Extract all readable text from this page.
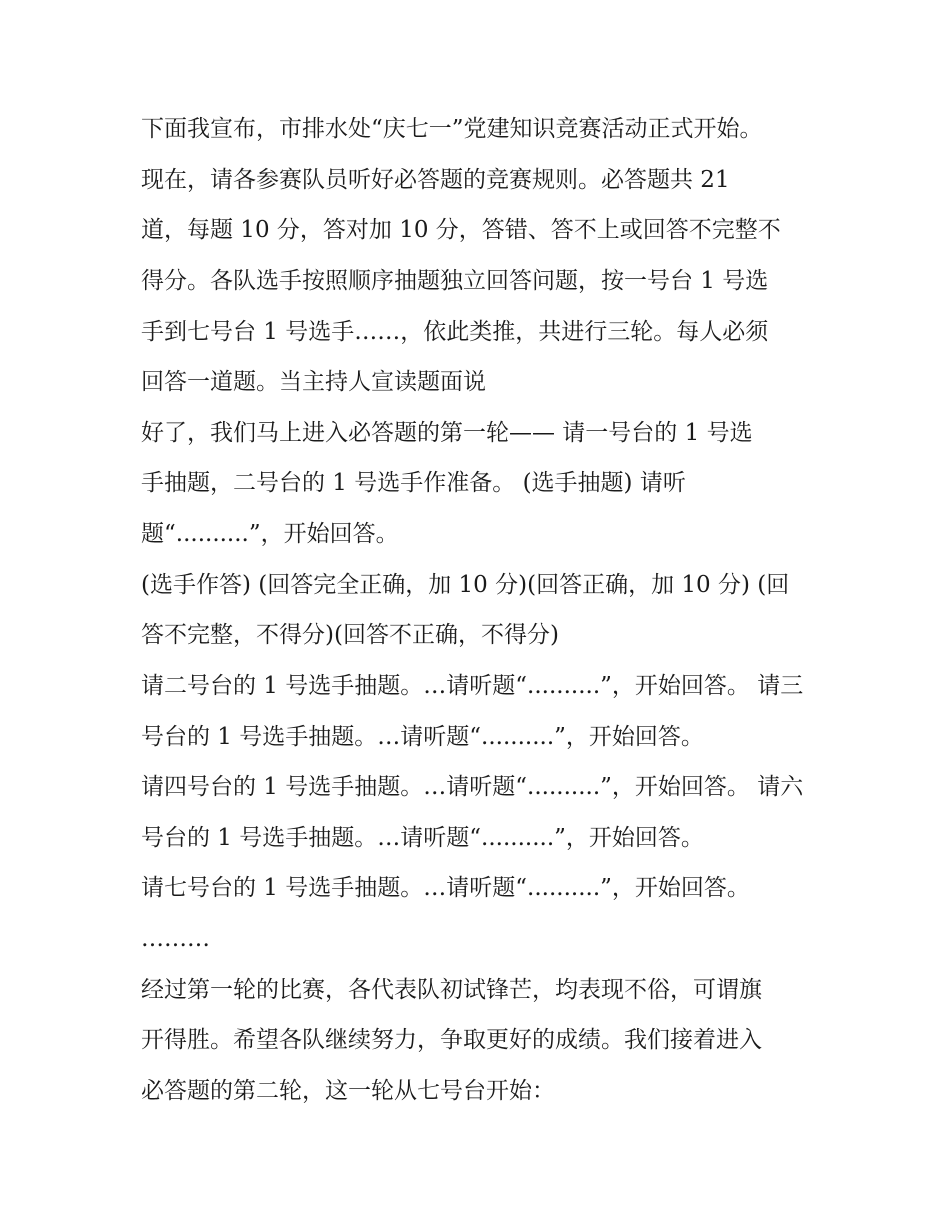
下面我宣布，市排水处“庆七一”党建知识竞赛活动正式开始。
现在，请各参赛队员听好必答题的竞赛规则。必答题共 21
道，每题 10 分，答对加 10 分，答错、答不上或回答不完整不
得分。各队选手按照顺序抽题独立回答问题，按一号台 1 号选
手到七号台 1 号选手……，依此类推，共进行三轮。每人必须
回答一道题。当主持人宣读题面说
好了，我们马上进入必答题的第一轮—— 请一号台的 1 号选
手抽题，二号台的 1 号选手作准备。 (选手抽题) 请听
题“..........”，开始回答。
(选手作答) (回答完全正确，加 10 分)(回答正确，加 10 分) (回
答不完整，不得分)(回答不正确，不得分)
请二号台的 1 号选手抽题。…请听题“..........”，开始回答。 请三
号台的 1 号选手抽题。…请听题“..........”，开始回答。
请四号台的 1 号选手抽题。…请听题“..........”，开始回答。 请六
号台的 1 号选手抽题。…请听题“..........”，开始回答。
请七号台的 1 号选手抽题。…请听题“..........”，开始回答。
………
经过第一轮的比赛，各代表队初试锋芒，均表现不俗，可谓旗
开得胜。希望各队继续努力，争取更好的成绩。我们接着进入
必答题的第二轮，这一轮从七号台开始：
